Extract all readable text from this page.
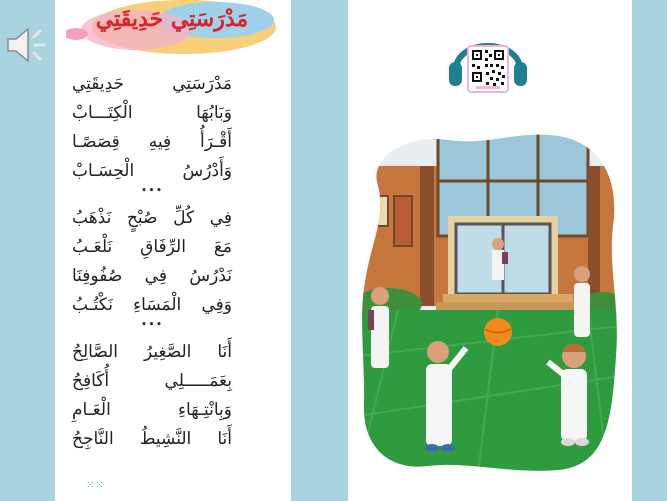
مَدْرَسَتِي حَدِيقَتِي
مَدْرَسَتِي حَدِيقَتِي
وَبَابُهَا الْكِتَـــابْ
أَقْـرَأُ فِيهِ قِصَصًـا
وَأَدْرُسُ الْحِسَـابْ
•••
فِي كُلِّ صُبْحٍ نَذْهَبُ
مَعَ الرِّفَاقِ نَلْعَـبُ
نَدْرُسُ فِي صُفُوفِنَا
وَفِي الْمَسَاءِ نَكْتُـبُ
•••
أَنَا الصَّغِيرُ الصَّالِحُ
بِعَمَـــــلِي أُكَافِحُ
وَبِانْتِـهَاءِ الْعَـامِ
أَنَا النَّشِيطُ النَّاجِحُ
⁙⁙
